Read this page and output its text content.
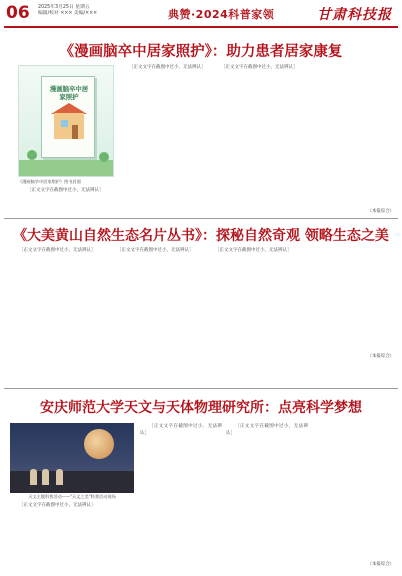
06 2025年3月25日 星期五
编辑/校对 ××× 美编/×××	典赞·2024科普家领	甘肃科技报
《漫画脑卒中居家照护》：助力患者居家康复
漫画脑卒中居家照护
《漫画脑卒中居家照护》图书封面

［正文文字在截图中过小，无法辨认］

［正文文字在截图中过小，无法辨认］	［正文文字在截图中过小，无法辨认］

（本报综合）
《大美黄山自然生态名片丛书》：探秘自然奇观 领略生态之美

［正文文字在截图中过小，无法辨认］	［正文文字在截图中过小，无法辨认］	［正文文字在截图中过小，无法辨认］

（本报综合）
安庆师范大学天文与天体物理研究所：点亮科学梦想
天文主题科普活动——"天文之美"科普活动现场

［正文文字在截图中过小，无法辨认］

［正文文字在截图中过小，无法辨认］

［正文文字在截图中过小，无法辨认］

（本报综合）
